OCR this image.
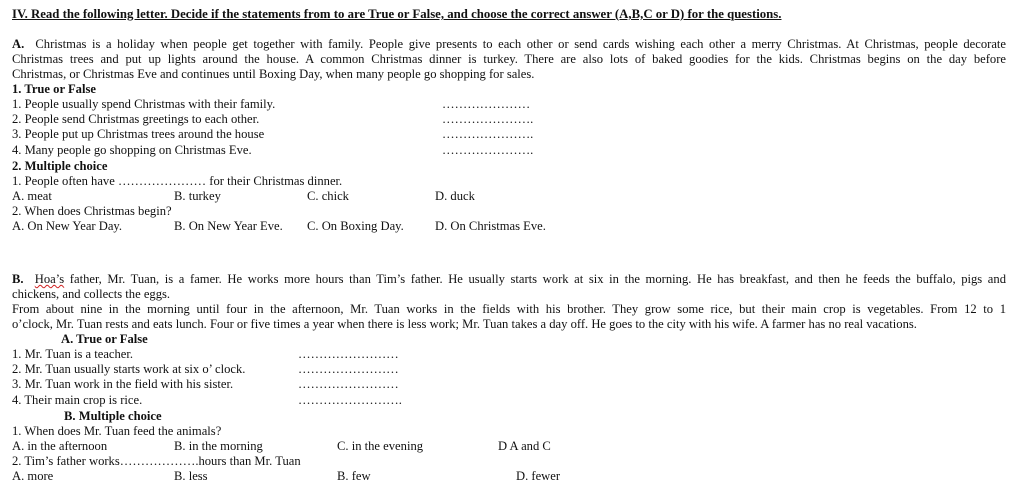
IV. Read the following letter. Decide if the statements from to are True or False, and choose the correct answer (A,B,C or D) for the questions.
A. Christmas is a holiday when people get together with family. People give presents to each other or send cards wishing each other a merry Christmas. At Christmas, people decorate
Christmas trees and put up lights around the house. A common Christmas dinner is turkey. There are also lots of baked goodies for the kids. Christmas begins on the day before
Christmas, or Christmas Eve and continues until Boxing Day, when many people go shopping for sales.
1. True or False
1. People usually spend Christmas with their family.	…………………
2. People send Christmas greetings to each other.	………………….
3. People put up Christmas trees around the house	………………….
4. Many people go shopping on Christmas Eve.	………………….
2. Multiple choice
1. People often have ………………… for their Christmas dinner.
A. meat	B. turkey	C. chick	D. duck
2. When does Christmas begin?
A. On New Year Day.	B. On New Year Eve. C. On Boxing Day. D. On Christmas Eve.
B. Hoa’s father, Mr. Tuan, is a famer. He works more hours than Tim’s father. He usually starts work at six in the morning. He has breakfast, and then he feeds the buffalo, pigs and
chickens, and collects the eggs.
From about nine in the morning until four in the afternoon, Mr. Tuan works in the fields with his brother. They grow some rice, but their main crop is vegetables. From 12 to 1
o’clock, Mr. Tuan rests and eats lunch. Four or five times a year when there is less work; Mr. Tuan takes a day off. He goes to the city with his wife. A farmer has no real vacations.
A. True or False
1. Mr. Tuan is a teacher.	……………………
2. Mr. Tuan usually starts work at six o’ clock.	……………………
3. Mr. Tuan work in the field with his sister.	……………………
4. Their main crop is rice.	…………………….
B. Multiple choice
1. When does Mr. Tuan feed the animals?
A. in the afternoon	B. in the morning	C. in the evening	D A and C
2. Tim’s father works……………….hours than Mr. Tuan
A. more	B. less	B. few	D. fewer
